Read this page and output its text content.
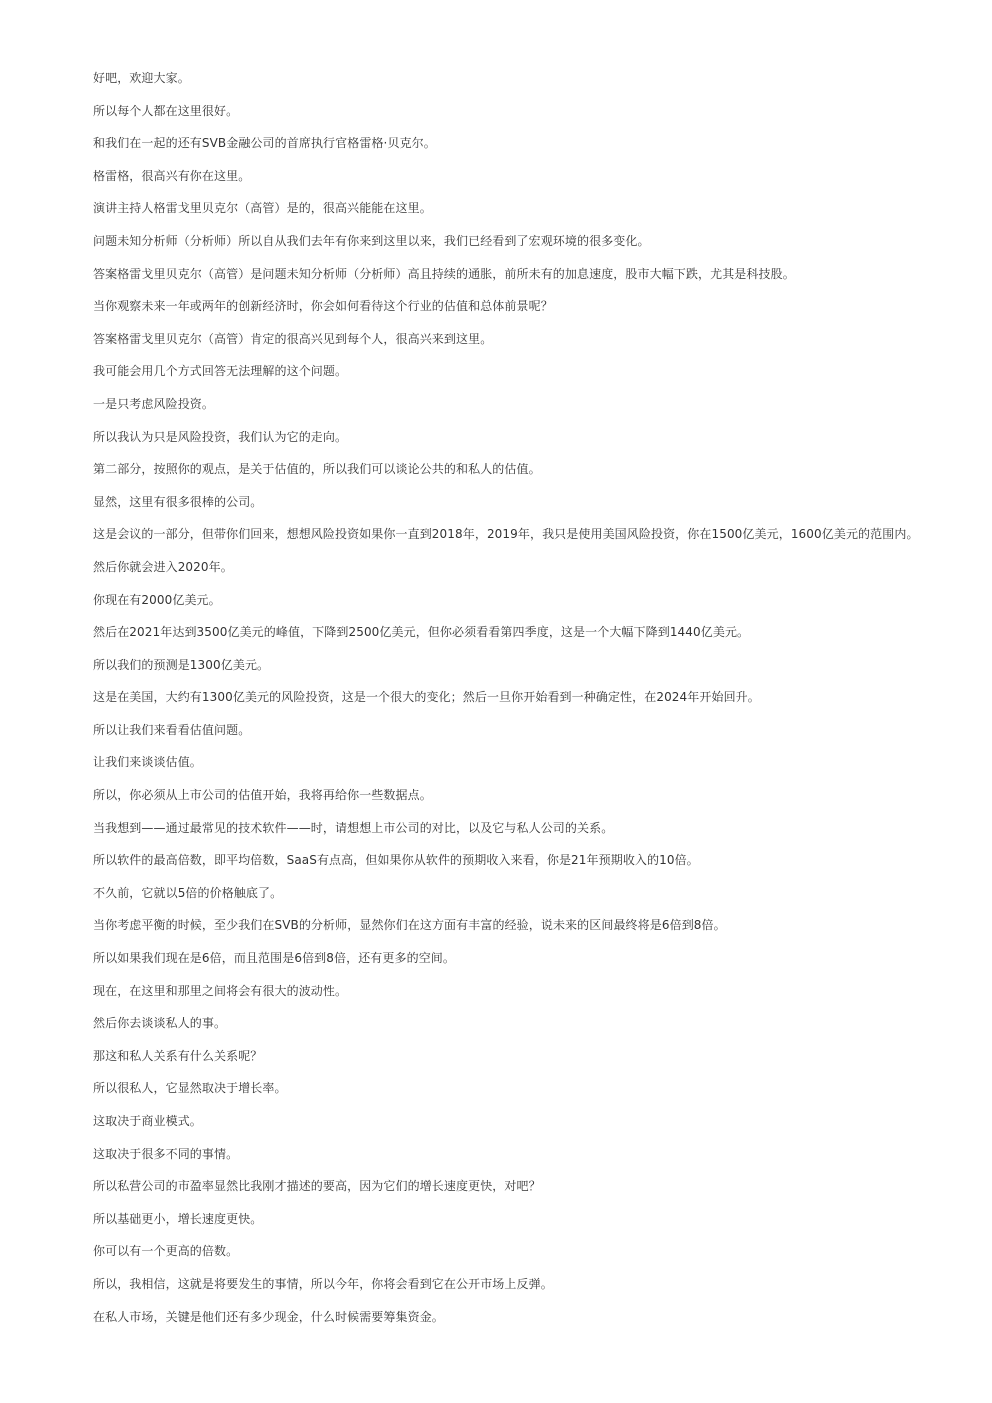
好吧，欢迎大家。

所以每个人都在这里很好。

和我们在一起的还有SVB金融公司的首席执行官格雷格·贝克尔。

格雷格，很高兴有你在这里。

演讲主持人格雷戈里贝克尔（高管）是的，很高兴能能在这里。

问题未知分析师（分析师）所以自从我们去年有你来到这里以来，我们已经看到了宏观环境的很多变化。

答案格雷戈里贝克尔（高管）是问题未知分析师（分析师）高且持续的通胀，前所未有的加息速度，股市大幅下跌，尤其是科技股。

当你观察未来一年或两年的创新经济时，你会如何看待这个行业的估值和总体前景呢？

答案格雷戈里贝克尔（高管）肯定的很高兴见到每个人，很高兴来到这里。

我可能会用几个方式回答无法理解的这个问题。

一是只考虑风险投资。

所以我认为只是风险投资，我们认为它的走向。

第二部分，按照你的观点，是关于估值的，所以我们可以谈论公共的和私人的估值。

显然，这里有很多很棒的公司。

这是会议的一部分，但带你们回来，想想风险投资如果你一直到2018年，2019年，我只是使用美国风险投资，你在1500亿美元，1600亿美元的范围内。

然后你就会进入2020年。

你现在有2000亿美元。

然后在2021年达到3500亿美元的峰值，下降到2500亿美元，但你必须看看第四季度，这是一个大幅下降到1440亿美元。

所以我们的预测是1300亿美元。

这是在美国，大约有1300亿美元的风险投资，这是一个很大的变化；然后一旦你开始看到一种确定性，在2024年开始回升。

所以让我们来看看估值问题。

让我们来谈谈估值。

所以，你必须从上市公司的估值开始，我将再给你一些数据点。

当我想到——通过最常见的技术软件——时，请想想上市公司的对比，以及它与私人公司的关系。

所以软件的最高倍数，即平均倍数，SaaS有点高，但如果你从软件的预期收入来看，你是21年预期收入的10倍。

不久前，它就以5倍的价格触底了。

当你考虑平衡的时候，至少我们在SVB的分析师，显然你们在这方面有丰富的经验，说未来的区间最终将是6倍到8倍。

所以如果我们现在是6倍，而且范围是6倍到8倍，还有更多的空间。

现在，在这里和那里之间将会有很大的波动性。

然后你去谈谈私人的事。

那这和私人关系有什么关系呢？

所以很私人，它显然取决于增长率。

这取决于商业模式。

这取决于很多不同的事情。

所以私营公司的市盈率显然比我刚才描述的要高，因为它们的增长速度更快，对吧？

所以基础更小，增长速度更快。

你可以有一个更高的倍数。

所以，我相信，这就是将要发生的事情，所以今年，你将会看到它在公开市场上反弹。

在私人市场，关键是他们还有多少现金，什么时候需要筹集资金。
